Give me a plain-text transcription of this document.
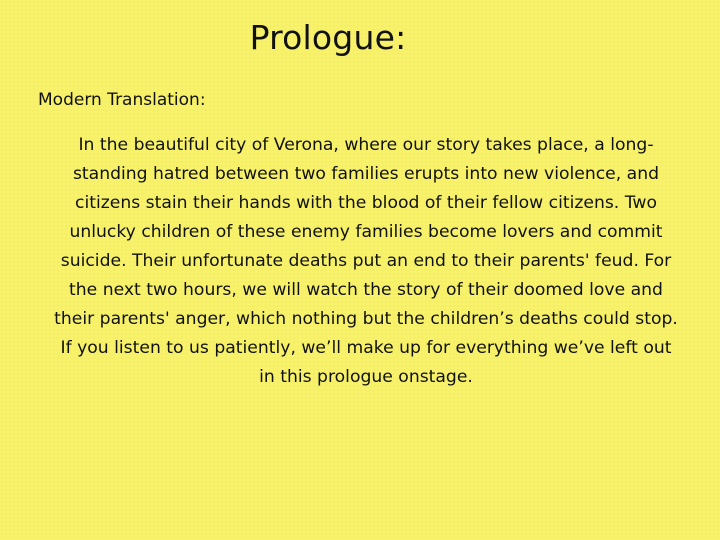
Prologue:
Modern Translation:

In the beautiful city of Verona, where our story takes place, a long-standing hatred between two families erupts into new violence, and citizens stain their hands with the blood of their fellow citizens. Two unlucky children of these enemy families become lovers and commit suicide. Their unfortunate deaths put an end to their parents' feud. For the next two hours, we will watch the story of their doomed love and their parents' anger, which nothing but the children’s deaths could stop. If you listen to us patiently, we’ll make up for everything we’ve left out in this prologue onstage.
